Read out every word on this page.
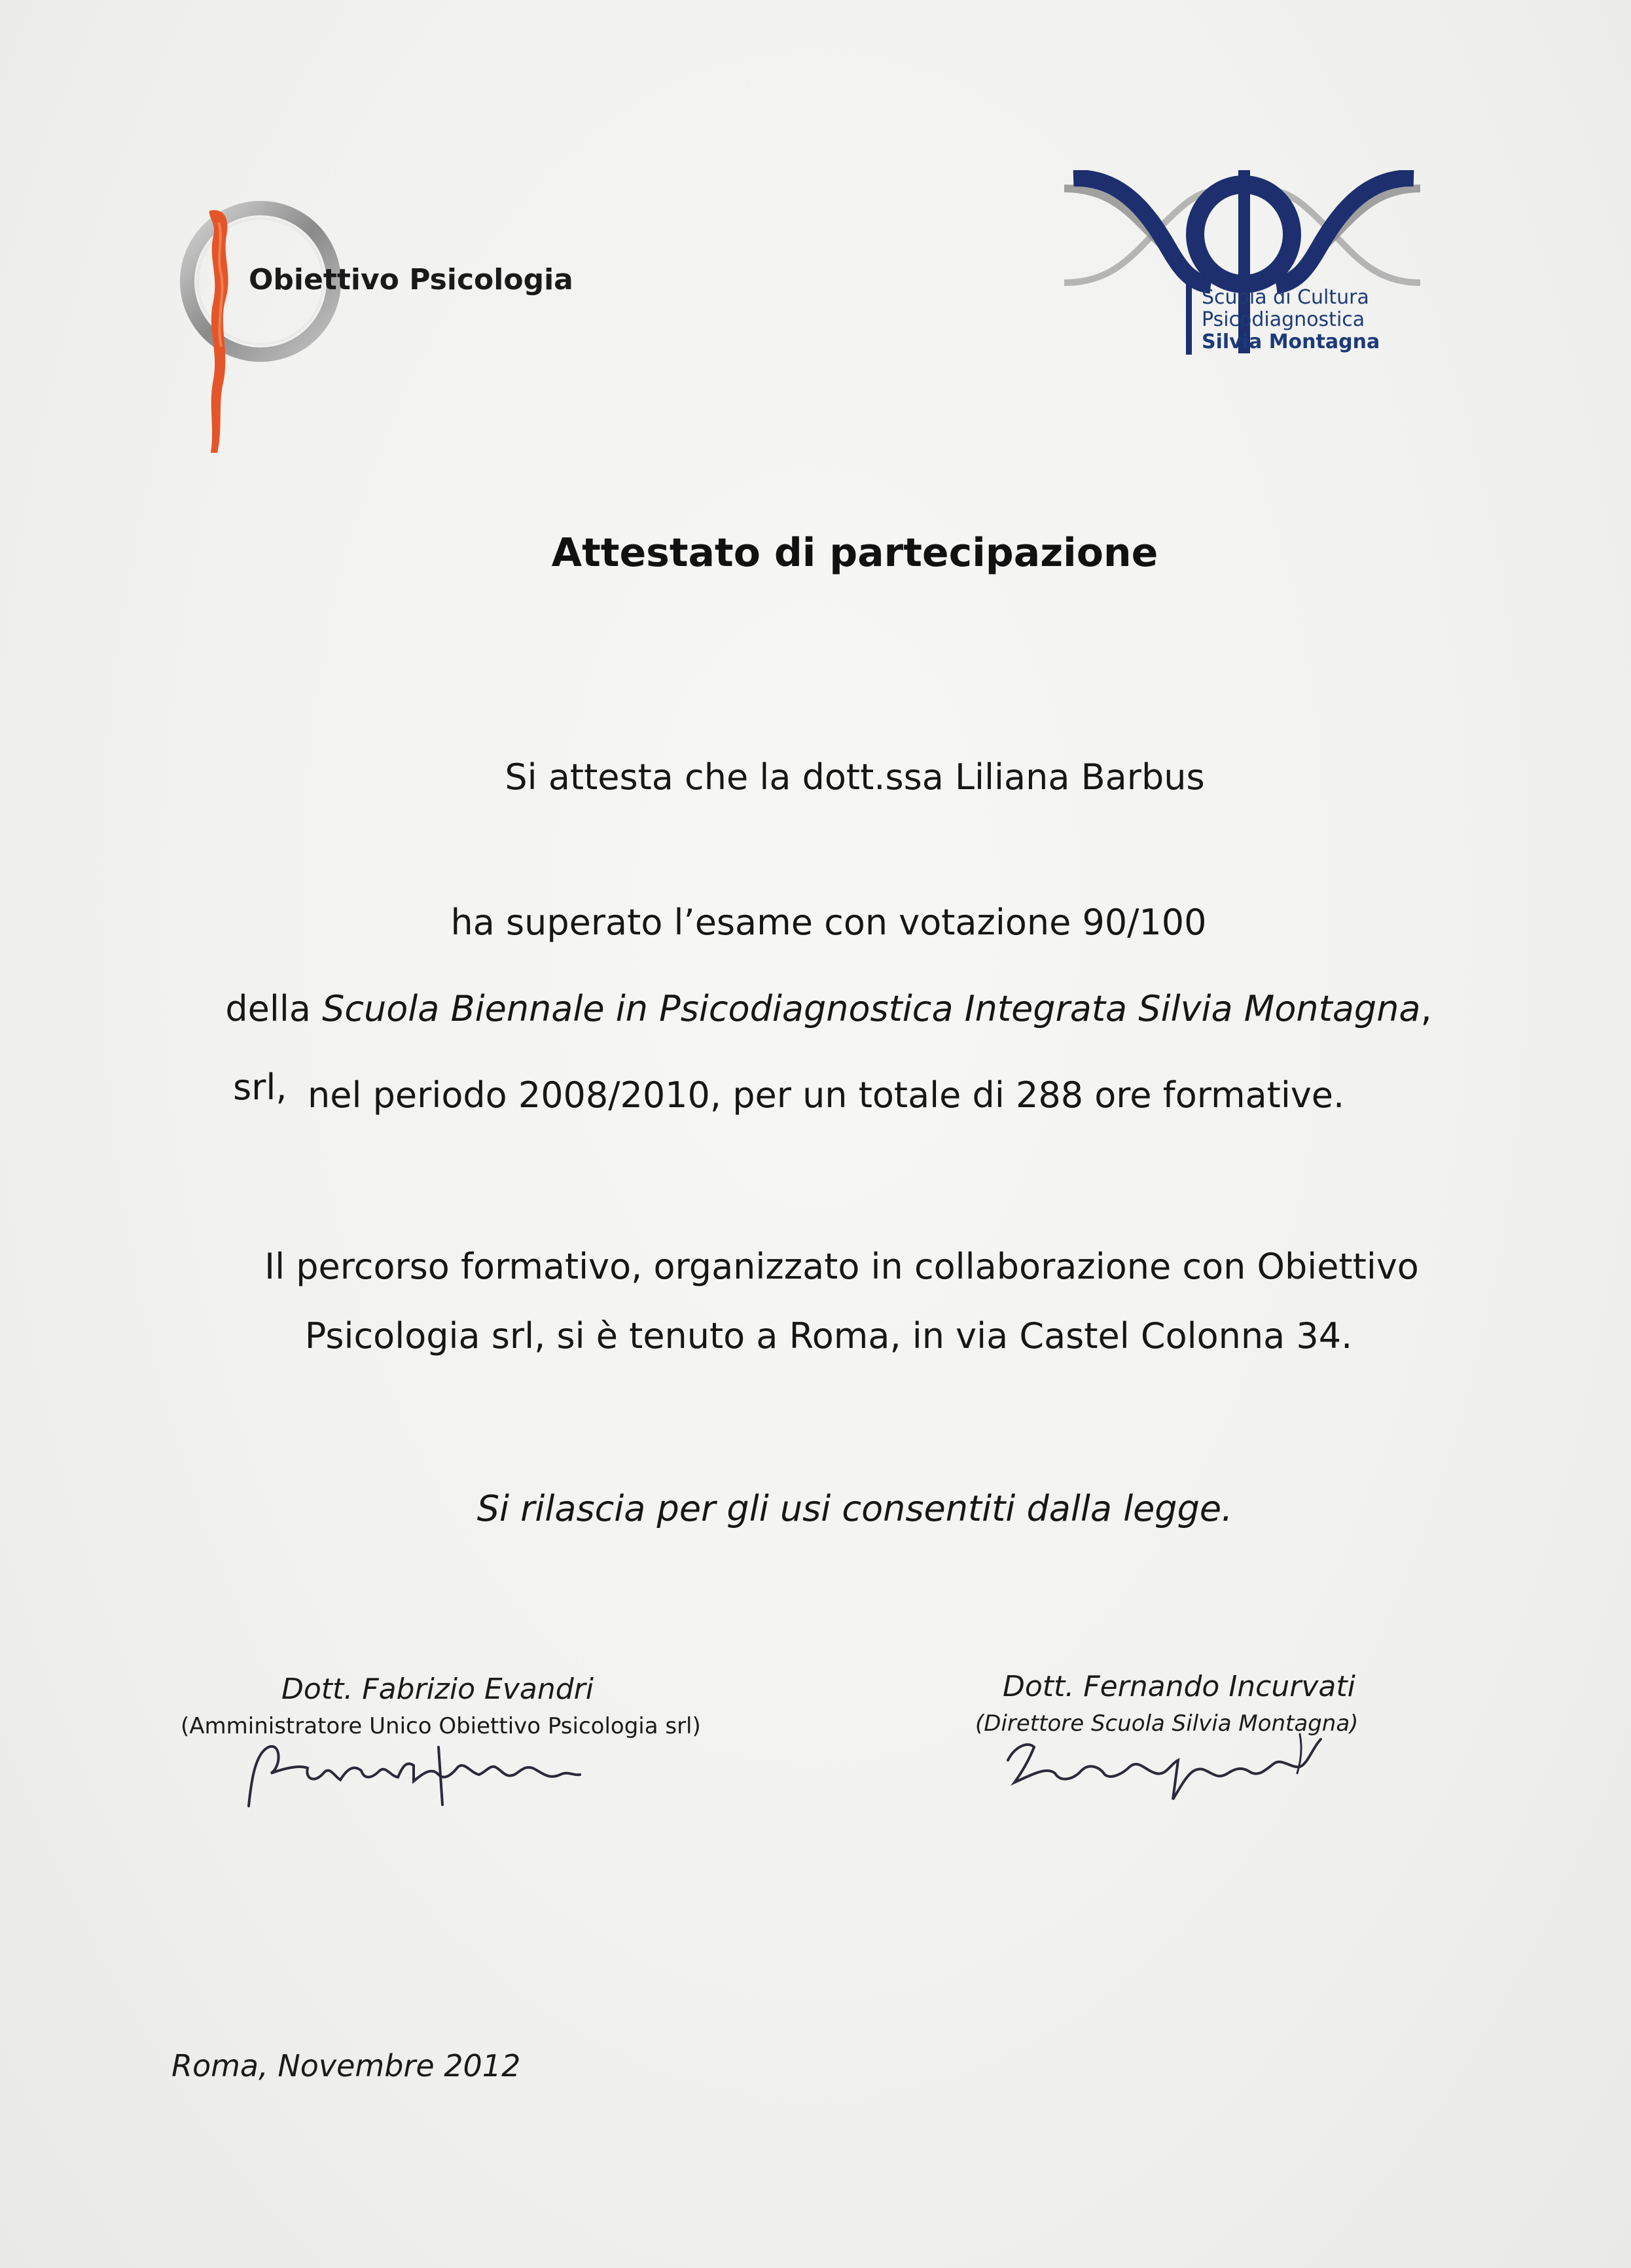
Obiettivo Psicologia
Scuola di Cultura
Psicodiagnostica
Silvia Montagna
Attestato di partecipazione
Si attesta che la dott.ssa Liliana Barbus
ha superato l’esame con votazione 90/100
della Scuola Biennale in Psicodiagnostica Integrata Silvia Montagna,
srl, nel periodo 2008/2010, per un totale di 288 ore formative.
Il percorso formativo, organizzato in collaborazione con Obiettivo
Psicologia srl, si è tenuto a Roma, in via Castel Colonna 34.
Si rilascia per gli usi consentiti dalla legge.
Dott. Fabrizio Evandri
(Amministratore Unico Obiettivo Psicologia srl)
Dott. Fernando Incurvati
(Direttore Scuola Silvia Montagna)
Roma, Novembre 2012
